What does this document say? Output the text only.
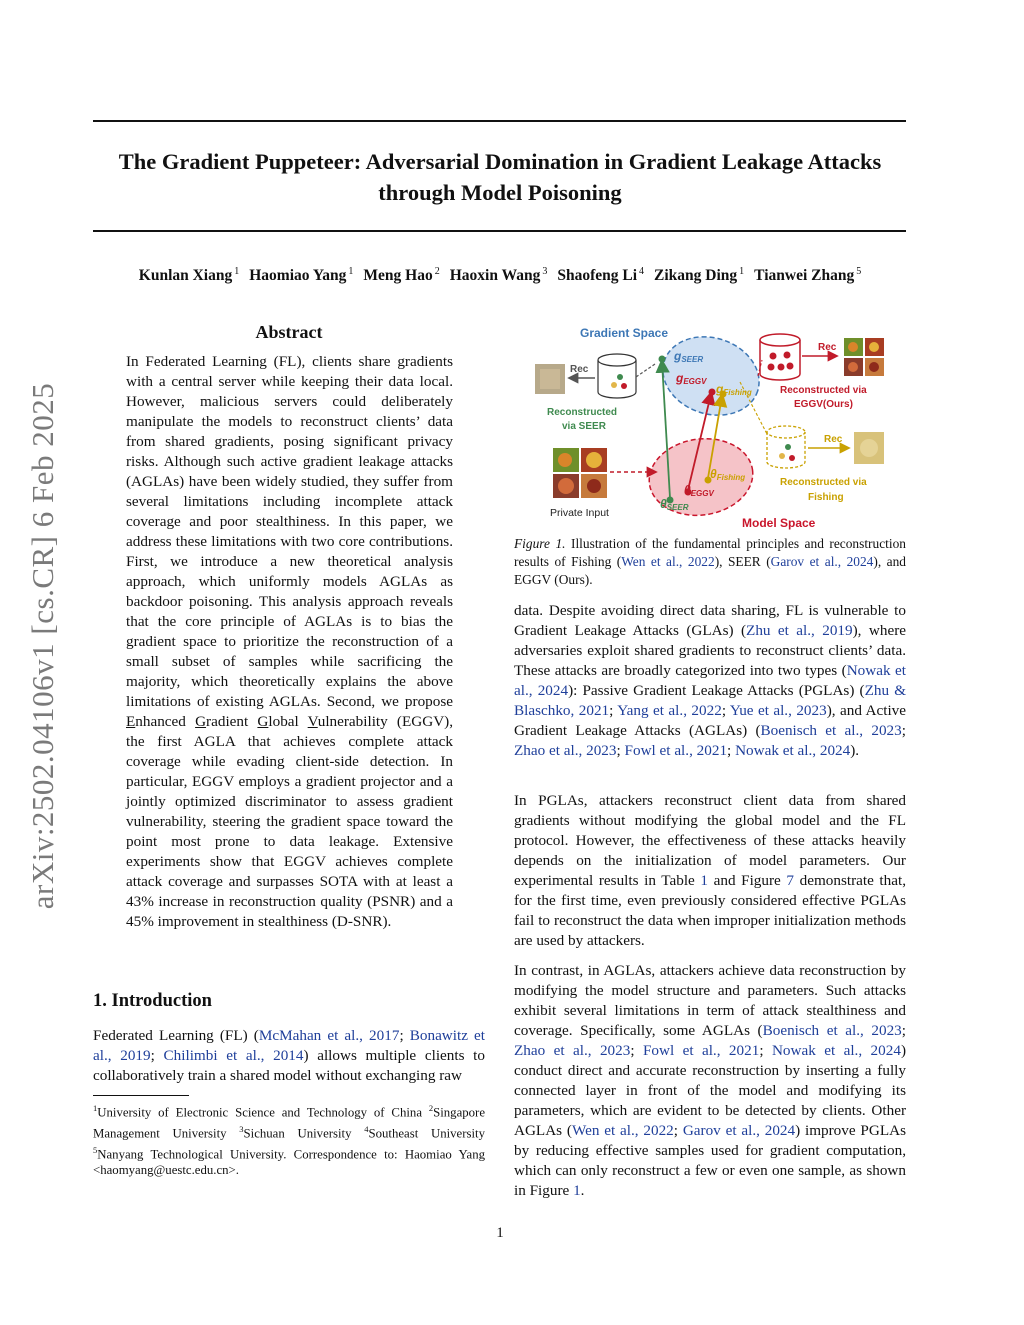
The Gradient Puppeteer: Adversarial Domination in Gradient Leakage Attacks
through Model Poisoning
Kunlan Xiang $^1$ Haomiao Yang $^1$ Meng Hao $^2$ Haoxin Wang $^3$ Shaofeng Li $^4$ Zikang Ding $^1$ Tianwei Zhang $^5$
arXiv:2502.04106v1 [cs.CR] 6 Feb 2025
Abstract
In Federated Learning (FL), clients share gradients with a central server while keeping their data local. However, malicious servers could deliberately manipulate the models to reconstruct clients’ data from shared gradients, posing significant privacy risks. Although such active gradient leakage attacks (AGLAs) have been widely studied, they suffer from several limitations including incomplete attack coverage and poor stealthiness. In this paper, we address these limitations with two core contributions. First, we introduce a new theoretical analysis approach, which uniformly models AGLAs as backdoor poisoning. This analysis approach reveals that the core principle of AGLAs is to bias the gradient space to prioritize the reconstruction of a small subset of samples while sacrificing the majority, which theoretically explains the above limitations of existing AGLAs. Second, we propose Enhanced Gradient Global Vulnerability (EGGV), the first AGLA that achieves complete attack coverage while evading client-side detection. In particular, EGGV employs a gradient projector and a jointly optimized discriminator to assess gradient vulnerability, steering the gradient space toward the point most prone to data leakage. Extensive experiments show that EGGV achieves complete attack coverage and surpasses SOTA with at least a 43% increase in reconstruction quality (PSNR) and a 45% improvement in stealthiness (D-SNR).
1. Introduction
Federated Learning (FL) (McMahan et al., 2017; Bonawitz et al., 2019; Chilimbi et al., 2014) allows multiple clients to collaboratively train a shared model without exchanging raw
$^1$University of Electronic Science and Technology of China $^2$Singapore Management University $^3$Sichuan University $^4$Southeast University $^5$Nanyang Technological University. Correspondence to: Haomiao Yang <haomyang@uestc.edu.cn>.
Gradient Space
Model Space
Private Input
Rec
Reconstructed
via SEER
Rec
Reconstructed via
EGGV(Ours)
Rec
Reconstructed via
Fishing
gSEER
gEGGV
gFishing
θFishing
θEGGV
θSEER
Figure 1. Illustration of the fundamental principles and reconstruction results of Fishing (Wen et al., 2022), SEER (Garov et al., 2024), and EGGV (Ours).
data. Despite avoiding direct data sharing, FL is vulnerable to Gradient Leakage Attacks (GLAs) (Zhu et al., 2019), where adversaries exploit shared gradients to reconstruct clients’ data. These attacks are broadly categorized into two types (Nowak et al., 2024): Passive Gradient Leakage Attacks (PGLAs) (Zhu & Blaschko, 2021; Yang et al., 2022; Yue et al., 2023), and Active Gradient Leakage Attacks (AGLAs) (Boenisch et al., 2023; Zhao et al., 2023; Fowl et al., 2021; Nowak et al., 2024).
In PGLAs, attackers reconstruct client data from shared gradients without modifying the global model and the FL protocol. However, the effectiveness of these attacks heavily depends on the initialization of model parameters. Our experimental results in Table 1 and Figure 7 demonstrate that, for the first time, even previously considered effective PGLAs fail to reconstruct the data when improper initialization methods are used by attackers.
In contrast, in AGLAs, attackers achieve data reconstruction by modifying the model structure and parameters. Such attacks exhibit several limitations in term of attack stealthiness and coverage. Specifically, some AGLAs (Boenisch et al., 2023; Zhao et al., 2023; Fowl et al., 2021; Nowak et al., 2024) conduct direct and accurate reconstruction by inserting a fully connected layer in front of the model and modifying its parameters, which are evident to be detected by clients. Other AGLAs (Wen et al., 2022; Garov et al., 2024) improve PGLAs by reducing effective samples used for gradient computation, which can only reconstruct a few or even one sample, as shown in Figure 1.
1
